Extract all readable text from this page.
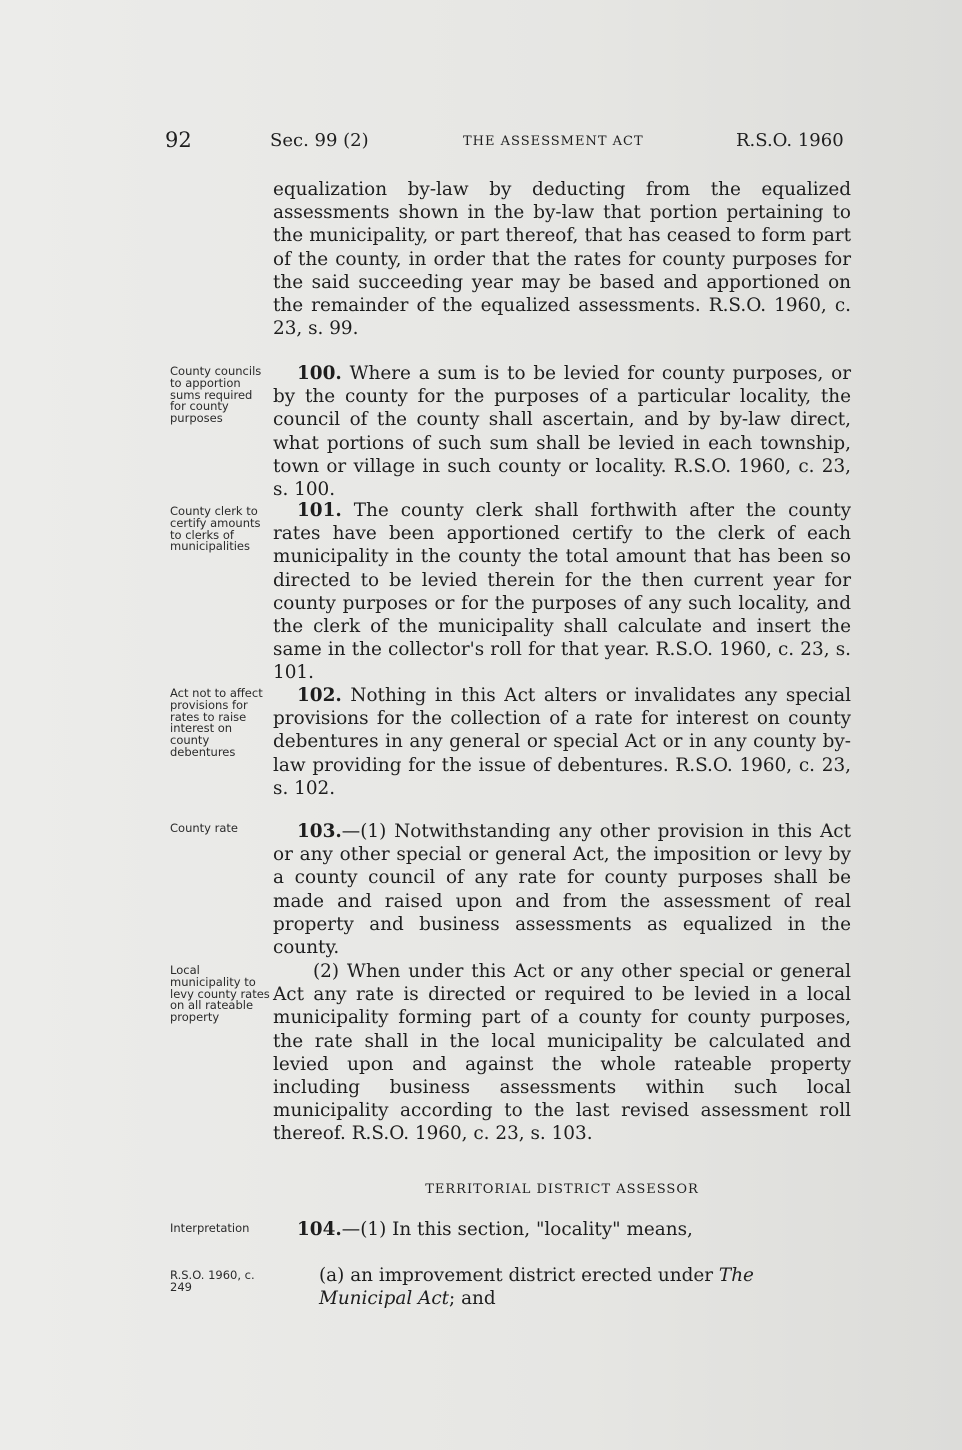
92	Sec. 99 (2)	THE ASSESSMENT ACT	R.S.O. 1960

equalization by-law by deducting from the equalized assessments shown in the by-law that portion pertaining to the municipality, or part thereof, that has ceased to form part of the county, in order that the rates for county purposes for the said succeeding year may be based and apportioned on the remainder of the equalized assessments. R.S.O. 1960, c. 23, s. 99.

County councils to apportion sums required for county purposes

100. Where a sum is to be levied for county purposes, or by the county for the purposes of a particular locality, the council of the county shall ascertain, and by by-law direct, what portions of such sum shall be levied in each township, town or village in such county or locality. R.S.O. 1960, c. 23, s. 100.

County clerk to certify amounts to clerks of municipalities

101. The county clerk shall forthwith after the county rates have been apportioned certify to the clerk of each municipality in the county the total amount that has been so directed to be levied therein for the then current year for county purposes or for the purposes of any such locality, and the clerk of the municipality shall calculate and insert the same in the collector's roll for that year. R.S.O. 1960, c. 23, s. 101.

Act not to affect provisions for rates to raise interest on county debentures

102. Nothing in this Act alters or invalidates any special provisions for the collection of a rate for interest on county debentures in any general or special Act or in any county by-law providing for the issue of debentures. R.S.O. 1960, c. 23, s. 102.

County rate	103.—(1) Notwithstanding any other provision in this Act or any other special or general Act, the imposition or levy by a county council of any rate for county purposes shall be made and raised upon and from the assessment of real property and business assessments as equalized in the county.

Local municipality to levy county rates on all rateable property

(2) When under this Act or any other special or general Act any rate is directed or required to be levied in a local municipality forming part of a county for county purposes, the rate shall in the local municipality be calculated and levied upon and against the whole rateable property including business assessments within such local municipality according to the last revised assessment roll thereof. R.S.O. 1960, c. 23, s. 103.

TERRITORIAL DISTRICT ASSESSOR
Interpretation	104.—(1) In this section, "locality" means,
R.S.O. 1960, c. 249
(a) an improvement district erected under The Municipal Act; and
